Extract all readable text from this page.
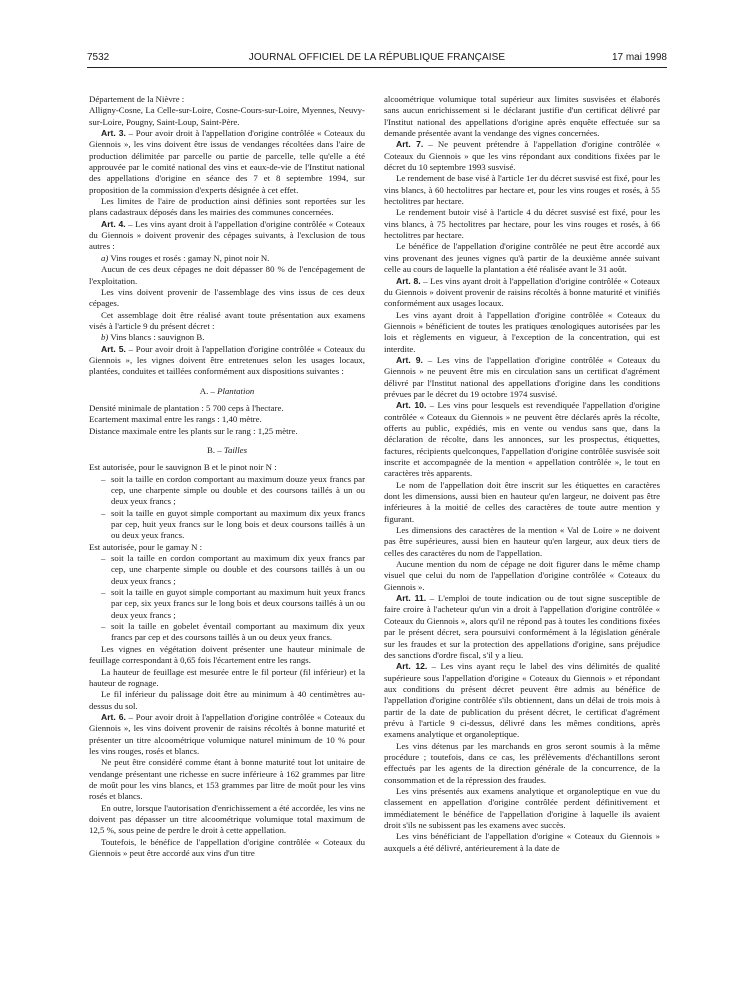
7532	JOURNAL OFFICIEL DE LA RÉPUBLIQUE FRANÇAISE	17 mai 1998

Département de la Nièvre :

Alligny-Cosne, La Celle-sur-Loire, Cosne-Cours-sur-Loire, Myennes, Neuvy-sur-Loire, Pougny, Saint-Loup, Saint-Père.

Art. 3. – Pour avoir droit à l'appellation d'origine contrôlée « Coteaux du Giennois », les vins doivent être issus de vendanges récoltées dans l'aire de production délimitée par parcelle ou partie de parcelle, telle qu'elle a été approuvée par le comité national des vins et eaux-de-vie de l'Institut national des appellations d'origine en séance des 7 et 8 septembre 1994, sur proposition de la commission d'experts désignée à cet effet.

Les limites de l'aire de production ainsi définies sont reportées sur les plans cadastraux déposés dans les mairies des communes concernées.

Art. 4. – Les vins ayant droit à l'appellation d'origine contrôlée « Coteaux du Giennois » doivent provenir des cépages suivants, à l'exclusion de tous autres :

a) Vins rouges et rosés : gamay N, pinot noir N.

Aucun de ces deux cépages ne doit dépasser 80 % de l'encépagement de l'exploitation.

Les vins doivent provenir de l'assemblage des vins issus de ces deux cépages.

Cet assemblage doit être réalisé avant toute présentation aux examens visés à l'article 9 du présent décret :

b) Vins blancs : sauvignon B.

Art. 5. – Pour avoir droit à l'appellation d'origine contrôlée « Coteaux du Giennois », les vignes doivent être entretenues selon les usages locaux, plantées, conduites et taillées conformément aux dispositions suivantes :

A. – Plantation

Densité minimale de plantation : 5 700 ceps à l'hectare.

Ecartement maximal entre les rangs : 1,40 mètre.

Distance maximale entre les plants sur le rang : 1,25 mètre.

B. – Tailles

Est autorisée, pour le sauvignon B et le pinot noir N :

– soit la taille en cordon comportant au maximum douze yeux francs par cep, une charpente simple ou double et des coursons taillés à un ou deux yeux francs ;

– soit la taille en guyot simple comportant au maximum dix yeux francs par cep, huit yeux francs sur le long bois et deux coursons taillés à un ou deux yeux francs.

Est autorisée, pour le gamay N :

– soit la taille en cordon comportant au maximum dix yeux francs par cep, une charpente simple ou double et des coursons taillés à un ou deux yeux francs ;

– soit la taille en guyot simple comportant au maximum huit yeux francs par cep, six yeux francs sur le long bois et deux coursons taillés à un ou deux yeux francs ;

– soit la taille en gobelet éventail comportant au maximum dix yeux francs par cep et des coursons taillés à un ou deux yeux francs.

Les vignes en végétation doivent présenter une hauteur minimale de feuillage correspondant à 0,65 fois l'écartement entre les rangs.

La hauteur de feuillage est mesurée entre le fil porteur (fil inférieur) et la hauteur de rognage.

Le fil inférieur du palissage doit être au minimum à 40 centimètres au-dessus du sol.

Art. 6. – Pour avoir droit à l'appellation d'origine contrôlée « Coteaux du Giennois », les vins doivent provenir de raisins récoltés à bonne maturité et présenter un titre alcoométrique volumique naturel minimum de 10 % pour les vins rouges, rosés et blancs.

Ne peut être considéré comme étant à bonne maturité tout lot unitaire de vendange présentant une richesse en sucre inférieure à 162 grammes par litre de moût pour les vins blancs, et 153 grammes par litre de moût pour les vins rosés et blancs.

En outre, lorsque l'autorisation d'enrichissement a été accordée, les vins ne doivent pas dépasser un titre alcoométrique volumique total maximum de 12,5 %, sous peine de perdre le droit à cette appellation.

Toutefois, le bénéfice de l'appellation d'origine contrôlée « Coteaux du Giennois » peut être accordé aux vins d'un titre

alcoométrique volumique total supérieur aux limites susvisées et élaborés sans aucun enrichissement si le déclarant justifie d'un certificat délivré par l'Institut national des appellations d'origine après enquête effectuée sur sa demande présentée avant la vendange des vignes concernées.

Art. 7. – Ne peuvent prétendre à l'appellation d'origine contrôlée « Coteaux du Giennois » que les vins répondant aux conditions fixées par le décret du 10 septembre 1993 susvisé.

Le rendement de base visé à l'article 1er du décret susvisé est fixé, pour les vins blancs, à 60 hectolitres par hectare et, pour les vins rouges et rosés, à 55 hectolitres par hectare.

Le rendement butoir visé à l'article 4 du décret susvisé est fixé, pour les vins blancs, à 75 hectolitres par hectare, pour les vins rouges et rosés, à 66 hectolitres par hectare.

Le bénéfice de l'appellation d'origine contrôlée ne peut être accordé aux vins provenant des jeunes vignes qu'à partir de la deuxième année suivant celle au cours de laquelle la plantation a été réalisée avant le 31 août.

Art. 8. – Les vins ayant droit à l'appellation d'origine contrôlée « Coteaux du Giennois » doivent provenir de raisins récoltés à bonne maturité et vinifiés conformément aux usages locaux.

Les vins ayant droit à l'appellation d'origine contrôlée « Coteaux du Giennois » bénéficient de toutes les pratiques œnologiques autorisées par les lois et règlements en vigueur, à l'exception de la concentration, qui est interdite.

Art. 9. – Les vins de l'appellation d'origine contrôlée « Coteaux du Giennois » ne peuvent être mis en circulation sans un certificat d'agrément délivré par l'Institut national des appellations d'origine dans les conditions prévues par le décret du 19 octobre 1974 susvisé.

Art. 10. – Les vins pour lesquels est revendiquée l'appellation d'origine contrôlée « Coteaux du Giennois » ne peuvent être déclarés après la récolte, offerts au public, expédiés, mis en vente ou vendus sans que, dans la déclaration de récolte, dans les annonces, sur les prospectus, étiquettes, factures, récipients quelconques, l'appellation d'origine contrôlée susvisée soit inscrite et accompagnée de la mention « appellation contrôlée », le tout en caractères très apparents.

Le nom de l'appellation doit être inscrit sur les étiquettes en caractères dont les dimensions, aussi bien en hauteur qu'en largeur, ne doivent pas être inférieures à la moitié de celles des caractères de toute autre mention y figurant.

Les dimensions des caractères de la mention « Val de Loire » ne doivent pas être supérieures, aussi bien en hauteur qu'en largeur, aux deux tiers de celles des caractères du nom de l'appellation.

Aucune mention du nom de cépage ne doit figurer dans le même champ visuel que celui du nom de l'appellation d'origine contrôlée « Coteaux du Giennois ».

Art. 11. – L'emploi de toute indication ou de tout signe susceptible de faire croire à l'acheteur qu'un vin a droit à l'appellation d'origine contrôlée « Coteaux du Giennois », alors qu'il ne répond pas à toutes les conditions fixées par le présent décret, sera poursuivi conformément à la législation générale sur les fraudes et sur la protection des appellations d'origine, sans préjudice des sanctions d'ordre fiscal, s'il y a lieu.

Art. 12. – Les vins ayant reçu le label des vins délimités de qualité supérieure sous l'appellation d'origine « Coteaux du Giennois » et répondant aux conditions du présent décret peuvent être admis au bénéfice de l'appellation d'origine contrôlée s'ils obtiennent, dans un délai de trois mois à partir de la date de publication du présent décret, le certificat d'agrément prévu à l'article 9 ci-dessus, délivré dans les mêmes conditions, après examens analytique et organoleptique.

Les vins détenus par les marchands en gros seront soumis à la même procédure ; toutefois, dans ce cas, les prélèvements d'échantillons seront effectués par les agents de la direction générale de la concurrence, de la consommation et de la répression des fraudes.

Les vins présentés aux examens analytique et organoleptique en vue du classement en appellation d'origine contrôlée perdent définitivement et immédiatement le bénéfice de l'appellation d'origine à laquelle ils avaient droit s'ils ne subissent pas les examens avec succès.

Les vins bénéficiant de l'appellation d'origine « Coteaux du Giennois » auxquels a été délivré, antérieurement à la date de
